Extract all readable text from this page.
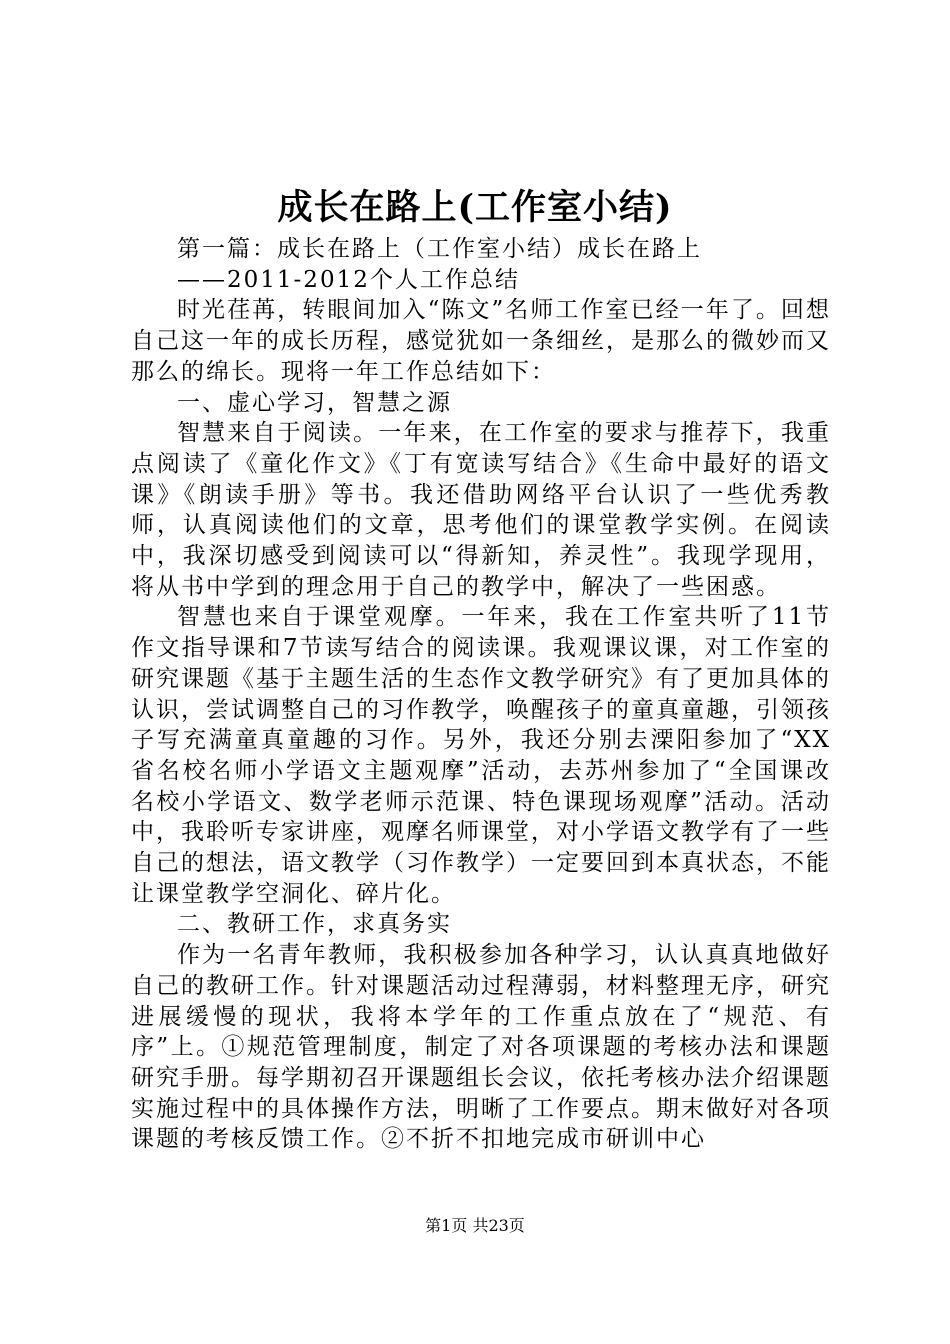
成长在路上(工作室小结)

第一篇：成长在路上（工作室小结）成长在路上

——2011-2012个人工作总结

时光荏苒，转眼间加入“陈文”名师工作室已经一年了。回想自己这一年的成长历程，感觉犹如一条细丝，是那么的微妙而又那么的绵长。现将一年工作总结如下：

一、虚心学习，智慧之源

智慧来自于阅读。一年来，在工作室的要求与推荐下，我重点阅读了《童化作文》《丁有宽读写结合》《生命中最好的语文课》《朗读手册》等书。我还借助网络平台认识了一些优秀教师，认真阅读他们的文章，思考他们的课堂教学实例。在阅读中，我深切感受到阅读可以“得新知，养灵性”。我现学现用，将从书中学到的理念用于自己的教学中，解决了一些困惑。

智慧也来自于课堂观摩。一年来，我在工作室共听了11节作文指导课和7节读写结合的阅读课。我观课议课，对工作室的研究课题《基于主题生活的生态作文教学研究》有了更加具体的认识，尝试调整自己的习作教学，唤醒孩子的童真童趣，引领孩子写充满童真童趣的习作。另外，我还分别去溧阳参加了“XX省名校名师小学语文主题观摩”活动，去苏州参加了“全国课改名校小学语文、数学老师示范课、特色课现场观摩”活动。活动中，我聆听专家讲座，观摩名师课堂，对小学语文教学有了一些自己的想法，语文教学（习作教学）一定要回到本真状态，不能让课堂教学空洞化、碎片化。

二、教研工作，求真务实

作为一名青年教师，我积极参加各种学习，认认真真地做好自己的教研工作。针对课题活动过程薄弱，材料整理无序，研究进展缓慢的现状，我将本学年的工作重点放在了“规范、有序”上。①规范管理制度，制定了对各项课题的考核办法和课题研究手册。每学期初召开课题组长会议，依托考核办法介绍课题实施过程中的具体操作方法，明晰了工作要点。期末做好对各项课题的考核反馈工作。②不折不扣地完成市研训中心

第1页 共23页
